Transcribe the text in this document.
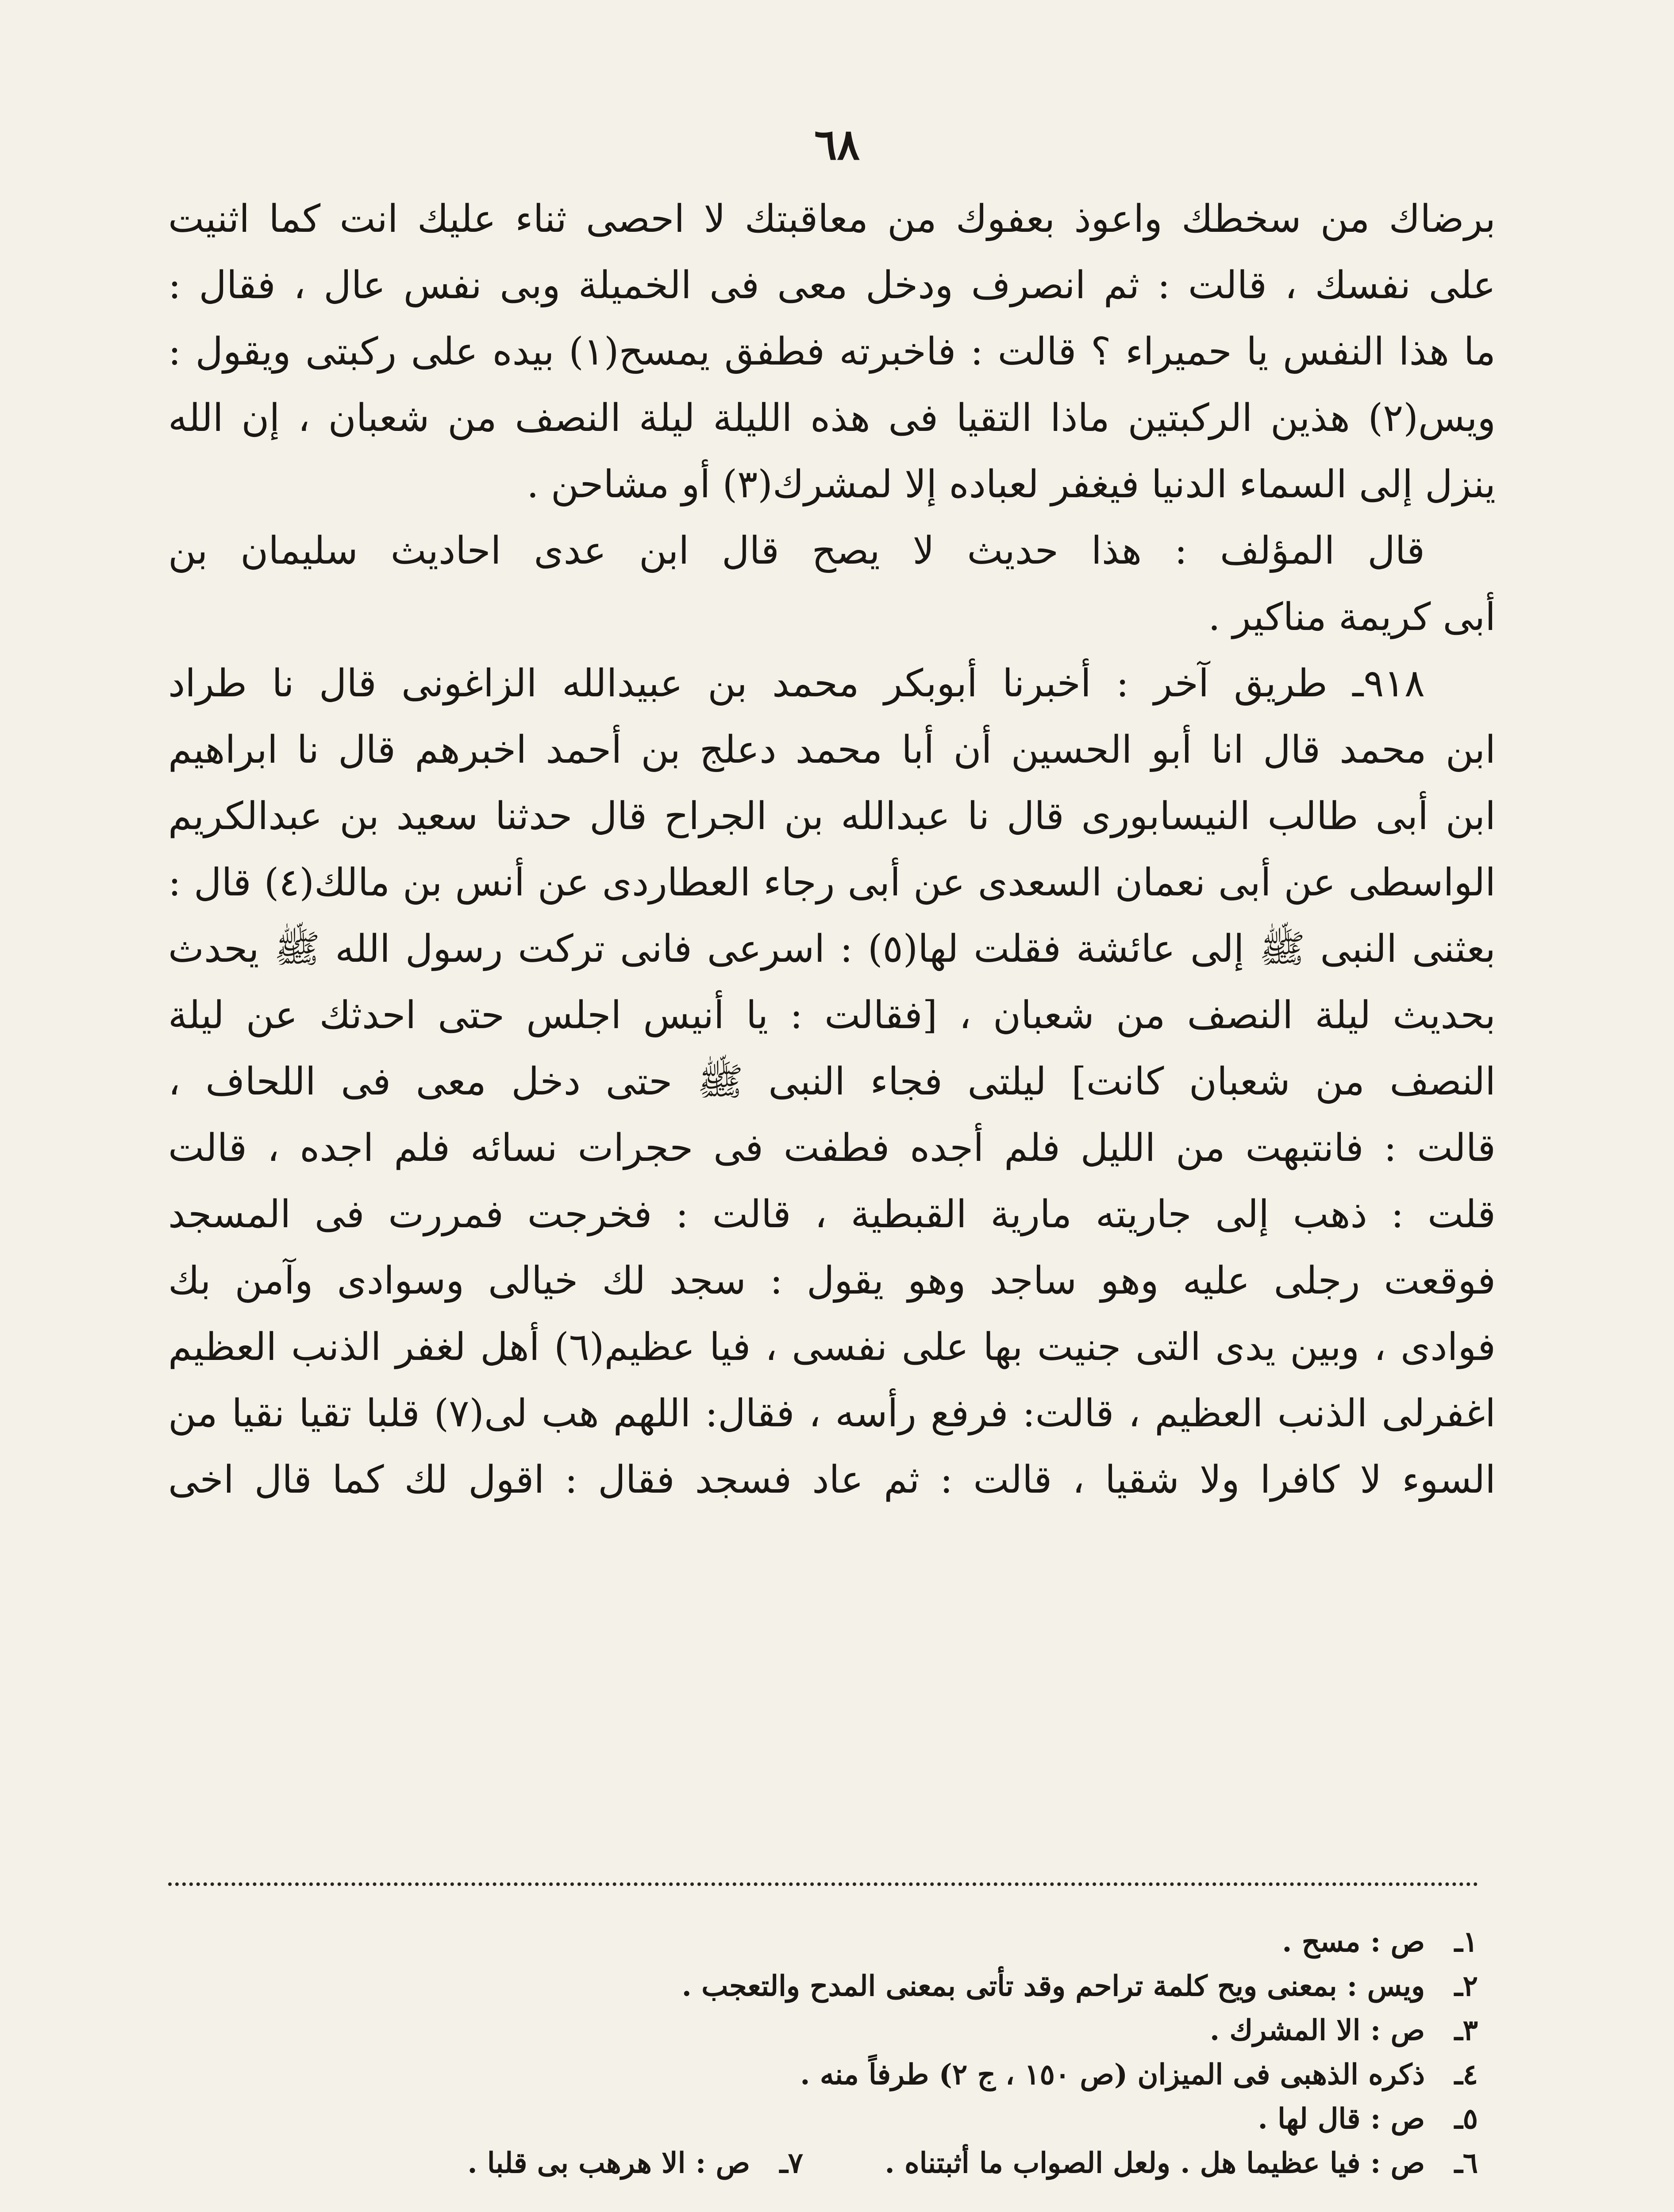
٦٨
برضاك من سخطك واعوذ بعفوك من معاقبتك لا احصى ثناء عليك انت كما اثنيت
على نفسك ، قالت : ثم انصرف ودخل معى فى الخميلة وبى نفس عال ، فقال :
ما هذا النفس يا حميراء ؟ قالت : فاخبرته فطفق يمسح(١) بيده على ركبتى ويقول :
ويس(٢) هذين الركبتين ماذا التقيا فى هذه الليلة ليلة النصف من شعبان ، إن الله
ينزل إلى السماء الدنيا فيغفر لعباده إلا لمشرك(٣) أو مشاحن .
قال المؤلف : هذا حديث لا يصح قال ابن عدى احاديث سليمان بن
أبى كريمة مناكير .
٩١٨ـ طريق آخر : أخبرنا أبوبكر محمد بن عبيدالله الزاغونى قال نا طراد
ابن محمد قال انا أبو الحسين أن أبا محمد دعلج بن أحمد اخبرهم قال نا ابراهيم
ابن أبى طالب النيسابورى قال نا عبدالله بن الجراح قال حدثنا سعيد بن عبدالكريم
الواسطى عن أبى نعمان السعدى عن أبى رجاء العطاردى عن أنس بن مالك(٤) قال :
بعثنى النبى ﷺ إلى عائشة فقلت لها(٥) : اسرعى فانى تركت رسول الله ﷺ يحدث
بحديث ليلة النصف من شعبان ، [فقالت : يا أنيس اجلس حتى احدثك عن ليلة
النصف من شعبان كانت] ليلتى فجاء النبى ﷺ حتى دخل معى فى اللحاف ،
قالت : فانتبهت من الليل فلم أجده فطفت فى حجرات نسائه فلم اجده ، قالت
قلت : ذهب إلى جاريته مارية القبطية ، قالت : فخرجت فمررت فى المسجد
فوقعت رجلى عليه وهو ساجد وهو يقول : سجد لك خيالى وسوادى وآمن بك
فوادى ، وبين يدى التى جنيت بها على نفسى ، فيا عظيم(٦) أهل لغفر الذنب العظيم
اغفرلى الذنب العظيم ، قالت: فرفع رأسه ، فقال: اللهم هب لى(٧) قلبا تقيا نقيا من
السوء لا كافرا ولا شقيا ، قالت : ثم عاد فسجد فقال : اقول لك كما قال اخى
١ـص : مسح .
٢ـويس : بمعنى ويح كلمة تراحم وقد تأتى بمعنى المدح والتعجب .
٣ـص : الا المشرك .
٤ـذكره الذهبى فى الميزان (ص ١٥٠ ، ج ٢) طرفاً منه .
٥ـص : قال لها .
٦ـص : فيا عظيما هل . ولعل الصواب ما أثبتناه .  ٧ـص : الا هرهب بى قلبا .
